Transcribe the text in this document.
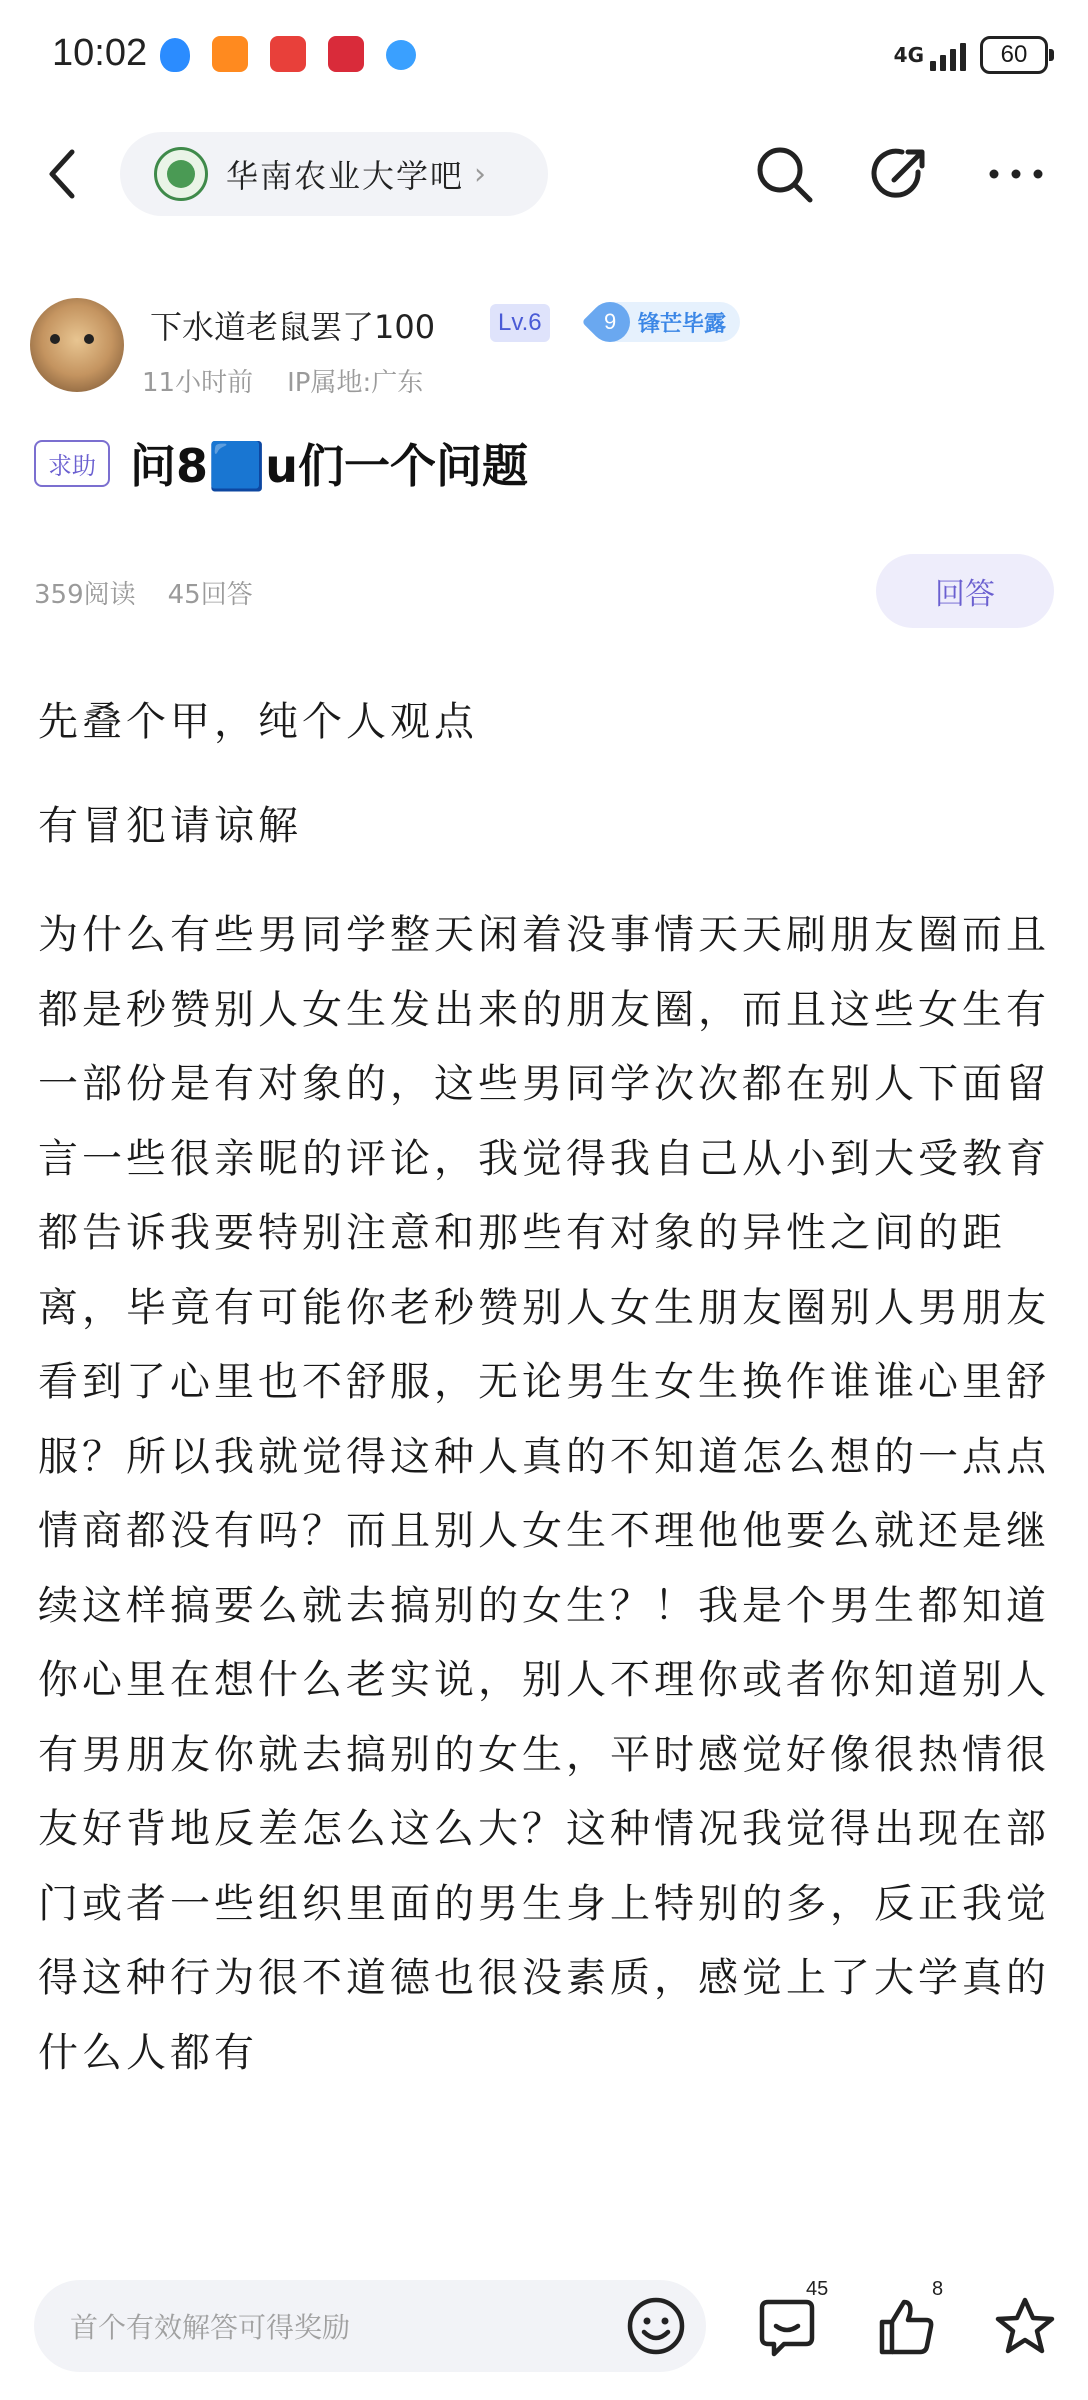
10:02	4G	60
华南农业大学吧 ›
下水道老鼠罢了100	Lv.6	9 锋芒毕露
11小时前 IP属地:广东
求助 问8🟦u们一个问题
359阅读 45回答	回答
先叠个甲，纯个人观点
有冒犯请谅解
为什么有些男同学整天闲着没事情天天刷朋友圈而且都是秒赞别人女生发出来的朋友圈，而且这些女生有一部份是有对象的，这些男同学次次都在别人下面留言一些很亲昵的评论，我觉得我自己从小到大受教育都告诉我要特别注意和那些有对象的异性之间的距离，毕竟有可能你老秒赞别人女生朋友圈别人男朋友看到了心里也不舒服，无论男生女生换作谁谁心里舒服？所以我就觉得这种人真的不知道怎么想的一点点情商都没有吗？而且别人女生不理他他要么就还是继续这样搞要么就去搞别的女生？！我是个男生都知道你心里在想什么老实说，别人不理你或者你知道别人有男朋友你就去搞别的女生，平时感觉好像很热情很友好背地反差怎么这么大？这种情况我觉得出现在部门或者一些组织里面的男生身上特别的多，反正我觉得这种行为很不道德也很没素质，感觉上了大学真的什么人都有
首个有效解答可得奖励
45	8
